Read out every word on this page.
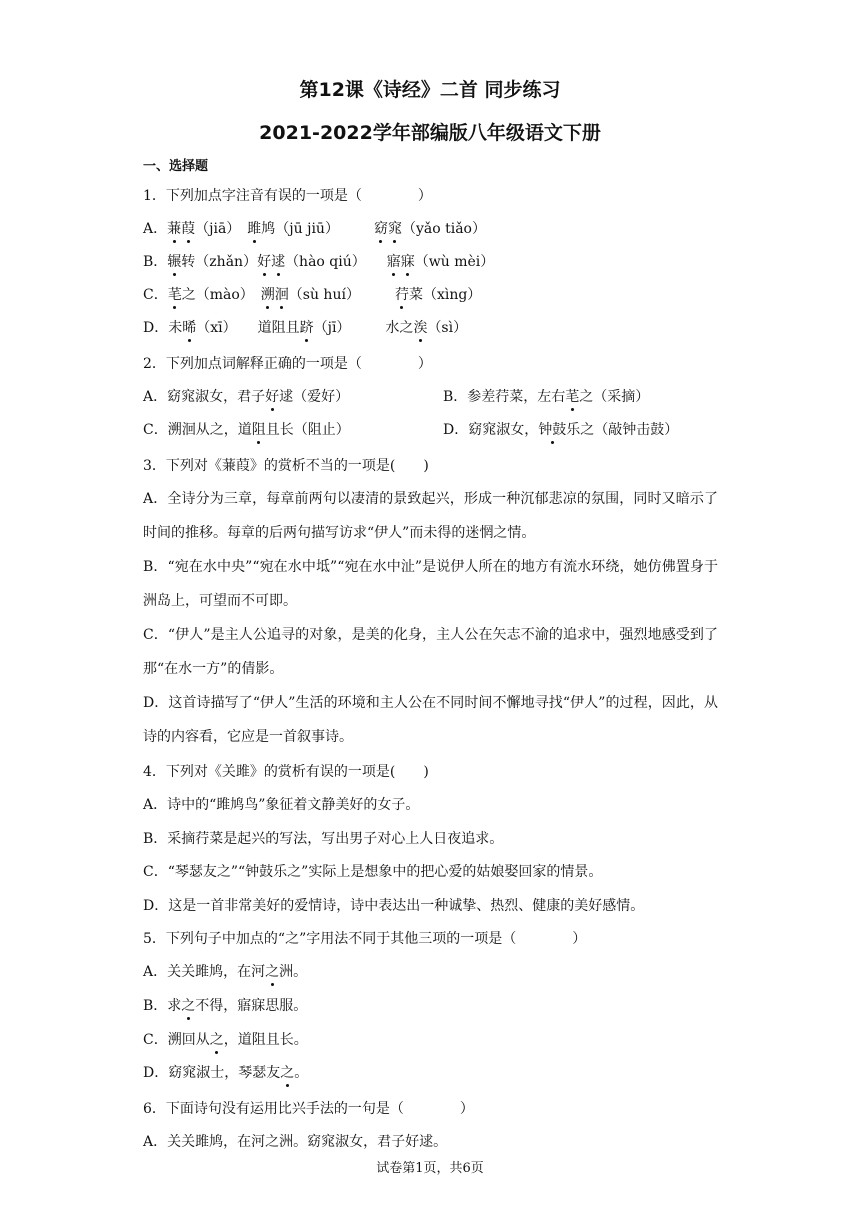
第12课《诗经》二首 同步练习
2021-2022学年部编版八年级语文下册
一、选择题
1．下列加点字注音有误的一项是（　　　　）
A．蒹葭（jiā）　雎鸠（jū jiū）　　　	窈窕（yǎo tiǎo）
B．辗转（zhǎn）好逑（hào qiú）　　 寤寐（wù mèi）
C．芼之（mào）　溯洄（sù huí）　　　	荇菜（xìng）
D．未晞（xī）　　道阻且跻（jī）　　　水之涘（sì）
2．下列加点词解释正确的一项是（　　　　）
A．窈窕淑女，君子好逑（爱好）	B．参差荇菜，左右芼之（采摘）
C．溯洄从之，道阻且长（阻止）	D．窈窕淑女，钟鼓乐之（敲钟击鼓）
3．下列对《蒹葭》的赏析不当的一项是(　　)
A．全诗分为三章，每章前两句以凄清的景致起兴，形成一种沉郁悲凉的氛围，同时又暗示了时间的推移。每章的后两句描写访求“伊人”而未得的迷惘之情。
B．“宛在水中央”“宛在水中坻”“宛在水中沚”是说伊人所在的地方有流水环绕，她仿佛置身于洲岛上，可望而不可即。
C．“伊人”是主人公追寻的对象，是美的化身，主人公在矢志不渝的追求中，强烈地感受到了那“在水一方”的倩影。
D．这首诗描写了“伊人”生活的环境和主人公在不同时间不懈地寻找“伊人”的过程，因此，从诗的内容看，它应是一首叙事诗。
4．下列对《关雎》的赏析有误的一项是(　　)
A．诗中的“雎鸠鸟”象征着文静美好的女子。
B．采摘荇菜是起兴的写法，写出男子对心上人日夜追求。
C．“琴瑟友之”“钟鼓乐之”实际上是想象中的把心爱的姑娘娶回家的情景。
D．这是一首非常美好的爱情诗，诗中表达出一种诚挚、热烈、健康的美好感情。
5．下列句子中加点的“之”字用法不同于其他三项的一项是（　　　　）
A．关关雎鸠，在河之洲。
B．求之不得，寤寐思服。
C．溯回从之，道阻且长。
D．窈窕淑士，琴瑟友之。
6．下面诗句没有运用比兴手法的一句是（　　　　）
A．关关雎鸠，在河之洲。窈窕淑女，君子好逑。
试卷第1页，共6页
